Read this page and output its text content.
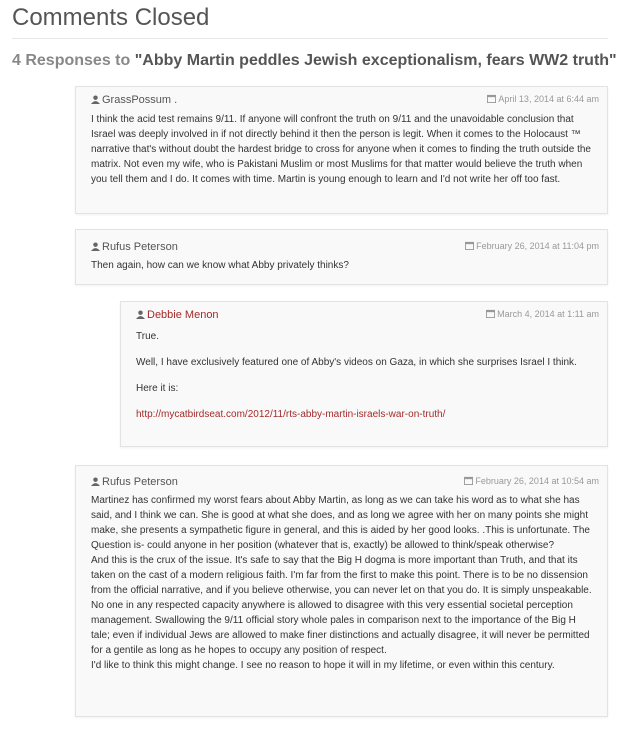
Comments Closed
4 Responses to "Abby Martin peddles Jewish exceptionalism, fears WW2 truth"
GrassPossum .	April 13, 2014 at 6:44 am

I think the acid test remains 9/11. If anyone will confront the truth on 9/11 and the unavoidable conclusion that Israel was deeply involved in if not directly behind it then the person is legit. When it comes to the Holocaust ™ narrative that's without doubt the hardest bridge to cross for anyone when it comes to finding the truth outside the matrix. Not even my wife, who is Pakistani Muslim or most Muslims for that matter would believe the truth when you tell them and I do. It comes with time. Martin is young enough to learn and I'd not write her off too fast.

Rufus Peterson	February 26, 2014 at 11:04 pm

Then again, how can we know what Abby privately thinks?

Debbie Menon	March 4, 2014 at 1:11 am

True.

Well, I have exclusively featured one of Abby's videos on Gaza, in which she surprises Israel I think.

Here it is:

http://mycatbirdseat.com/2012/11/rts-abby-martin-israels-war-on-truth/

Rufus Peterson	February 26, 2014 at 10:54 am

Martinez has confirmed my worst fears about Abby Martin, as long as we can take his word as to what she has said, and I think we can. She is good at what she does, and as long we agree with her on many points she might make, she presents a sympathetic figure in general, and this is aided by her good looks. .This is unfortunate. The Question is- could anyone in her position (whatever that is, exactly) be allowed to think/speak otherwise?

And this is the crux of the issue. It's safe to say that the Big H dogma is more important than Truth, and that its taken on the cast of a modern religious faith. I'm far from the first to make this point. There is to be no dissension from the official narrative, and if you believe otherwise, you can never let on that you do. It is simply unspeakable. No one in any respected capacity anywhere is allowed to disagree with this very essential societal perception management. Swallowing the 9/11 official story whole pales in comparison next to the importance of the Big H tale; even if individual Jews are allowed to make finer distinctions and actually disagree, it will never be permitted for a gentile as long as he hopes to occupy any position of respect.

I'd like to think this might change. I see no reason to hope it will in my lifetime, or even within this century.
